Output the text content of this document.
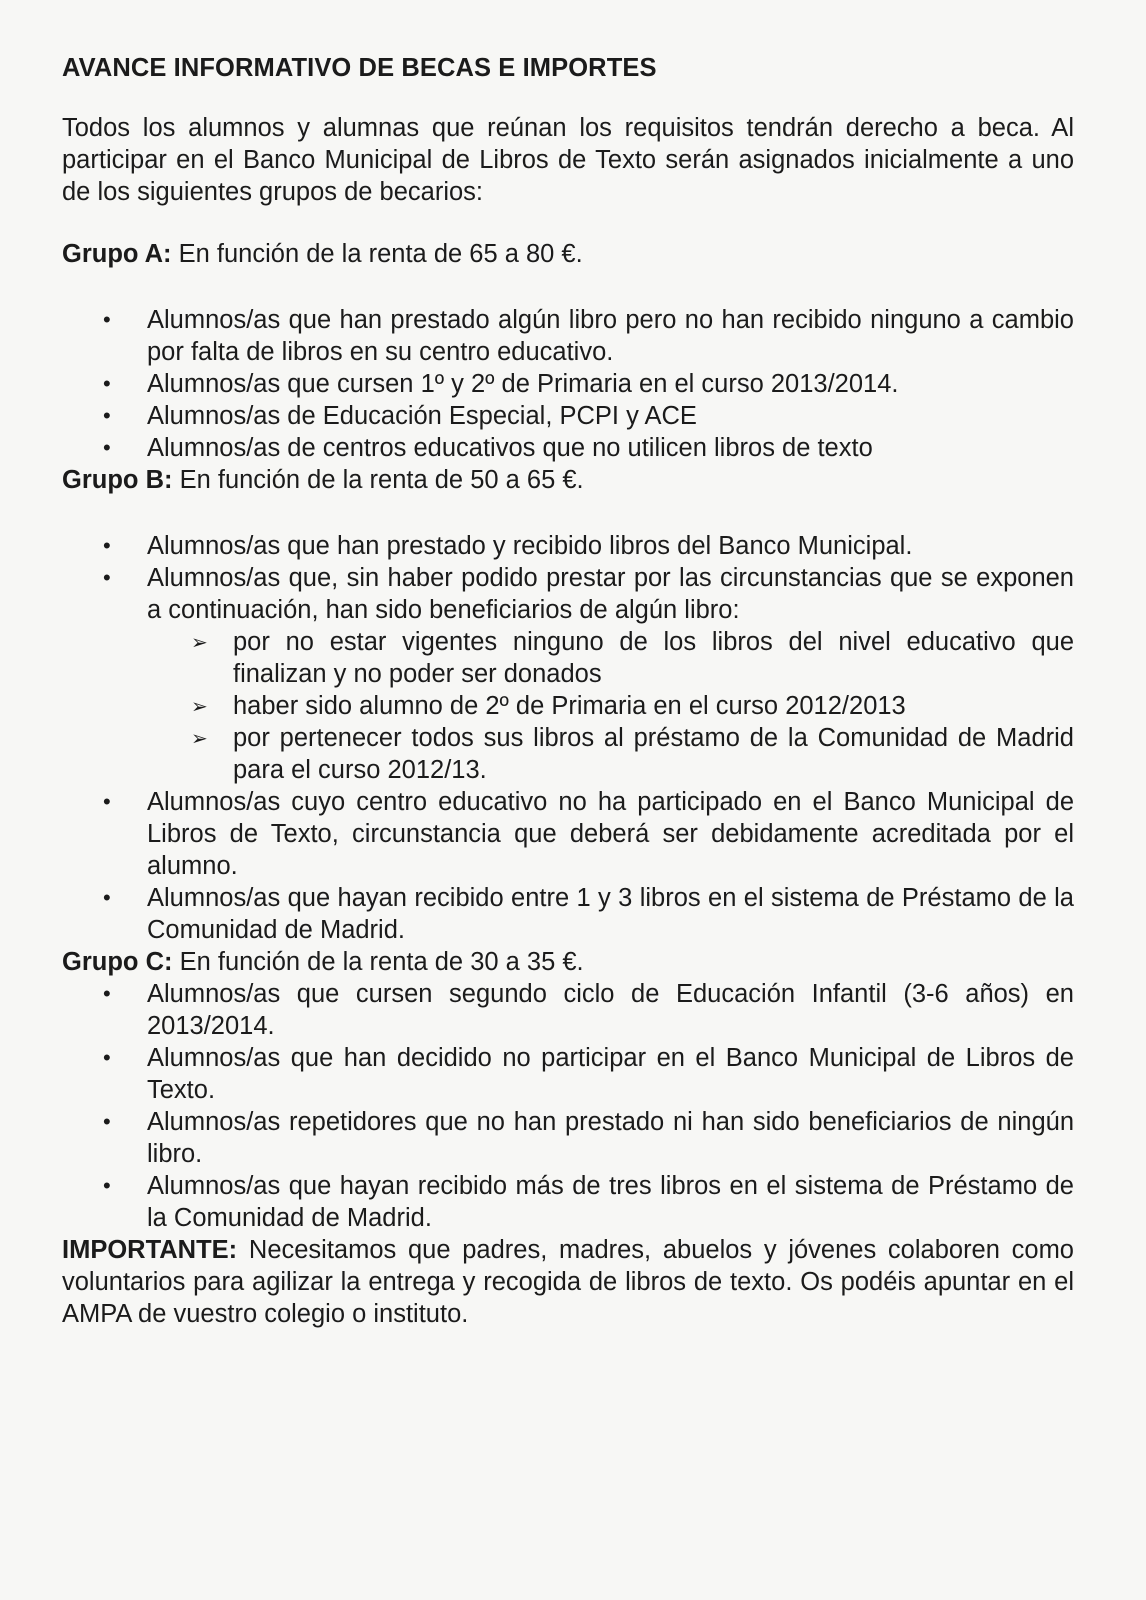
AVANCE INFORMATIVO DE BECAS E IMPORTES

Todos los alumnos y alumnas que reúnan los requisitos tendrán derecho a beca. Al participar en el Banco Municipal de Libros de Texto serán asignados inicialmente a uno de los siguientes grupos de becarios:

Grupo A: En función de la renta de 65 a 80 €.

• Alumnos/as que han prestado algún libro pero no han recibido ninguno a cambio por falta de libros en su centro educativo.
• Alumnos/as que cursen 1º y 2º de Primaria en el curso 2013/2014.
• Alumnos/as de Educación Especial, PCPI y ACE
• Alumnos/as de centros educativos que no utilicen libros de texto

Grupo B: En función de la renta de 50 a 65 €.

• Alumnos/as que han prestado y recibido libros del Banco Municipal.
• Alumnos/as que, sin haber podido prestar por las circunstancias que se exponen a continuación, han sido beneficiarios de algún libro:
➢ por no estar vigentes ninguno de los libros del nivel educativo que finalizan y no poder ser donados
➢ haber sido alumno de 2º de Primaria en el curso 2012/2013
➢ por pertenecer todos sus libros al préstamo de la Comunidad de Madrid para el curso 2012/13.
• Alumnos/as cuyo centro educativo no ha participado en el Banco Municipal de Libros de Texto, circunstancia que deberá ser debidamente acreditada por el alumno.
• Alumnos/as que hayan recibido entre 1 y 3 libros en el sistema de Préstamo de la Comunidad de Madrid.

Grupo C: En función de la renta de 30 a 35 €.

• Alumnos/as que cursen segundo ciclo de Educación Infantil (3-6 años) en 2013/2014.
• Alumnos/as que han decidido no participar en el Banco Municipal de Libros de Texto.
• Alumnos/as repetidores que no han prestado ni han sido beneficiarios de ningún libro.
• Alumnos/as que hayan recibido más de tres libros en el sistema de Préstamo de la Comunidad de Madrid.

IMPORTANTE: Necesitamos que padres, madres, abuelos y jóvenes colaboren como voluntarios para agilizar la entrega y recogida de libros de texto. Os podéis apuntar en el AMPA de vuestro colegio o instituto.
